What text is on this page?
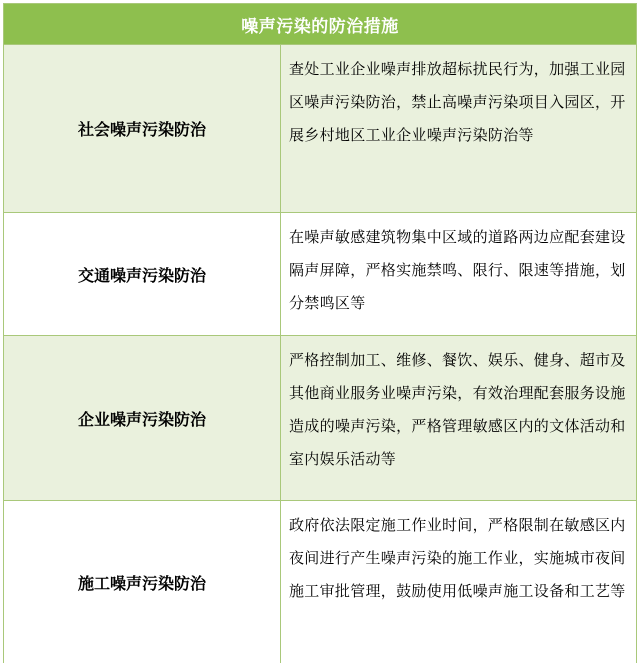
噪声污染的防治措施
社会噪声污染防治
查处工业企业噪声排放超标扰民行为，加强工业园区噪声污染防治，禁止高噪声污染项目入园区，开展乡村地区工业企业噪声污染防治等
交通噪声污染防治
在噪声敏感建筑物集中区域的道路两边应配套建设隔声屏障，严格实施禁鸣、限行、限速等措施，划分禁鸣区等
企业噪声污染防治
严格控制加工、维修、餐饮、娱乐、健身、超市及其他商业服务业噪声污染，有效治理配套服务设施造成的噪声污染，严格管理敏感区内的文体活动和室内娱乐活动等
施工噪声污染防治
政府依法限定施工作业时间，严格限制在敏感区内夜间进行产生噪声污染的施工作业，实施城市夜间施工审批管理，鼓励使用低噪声施工设备和工艺等
